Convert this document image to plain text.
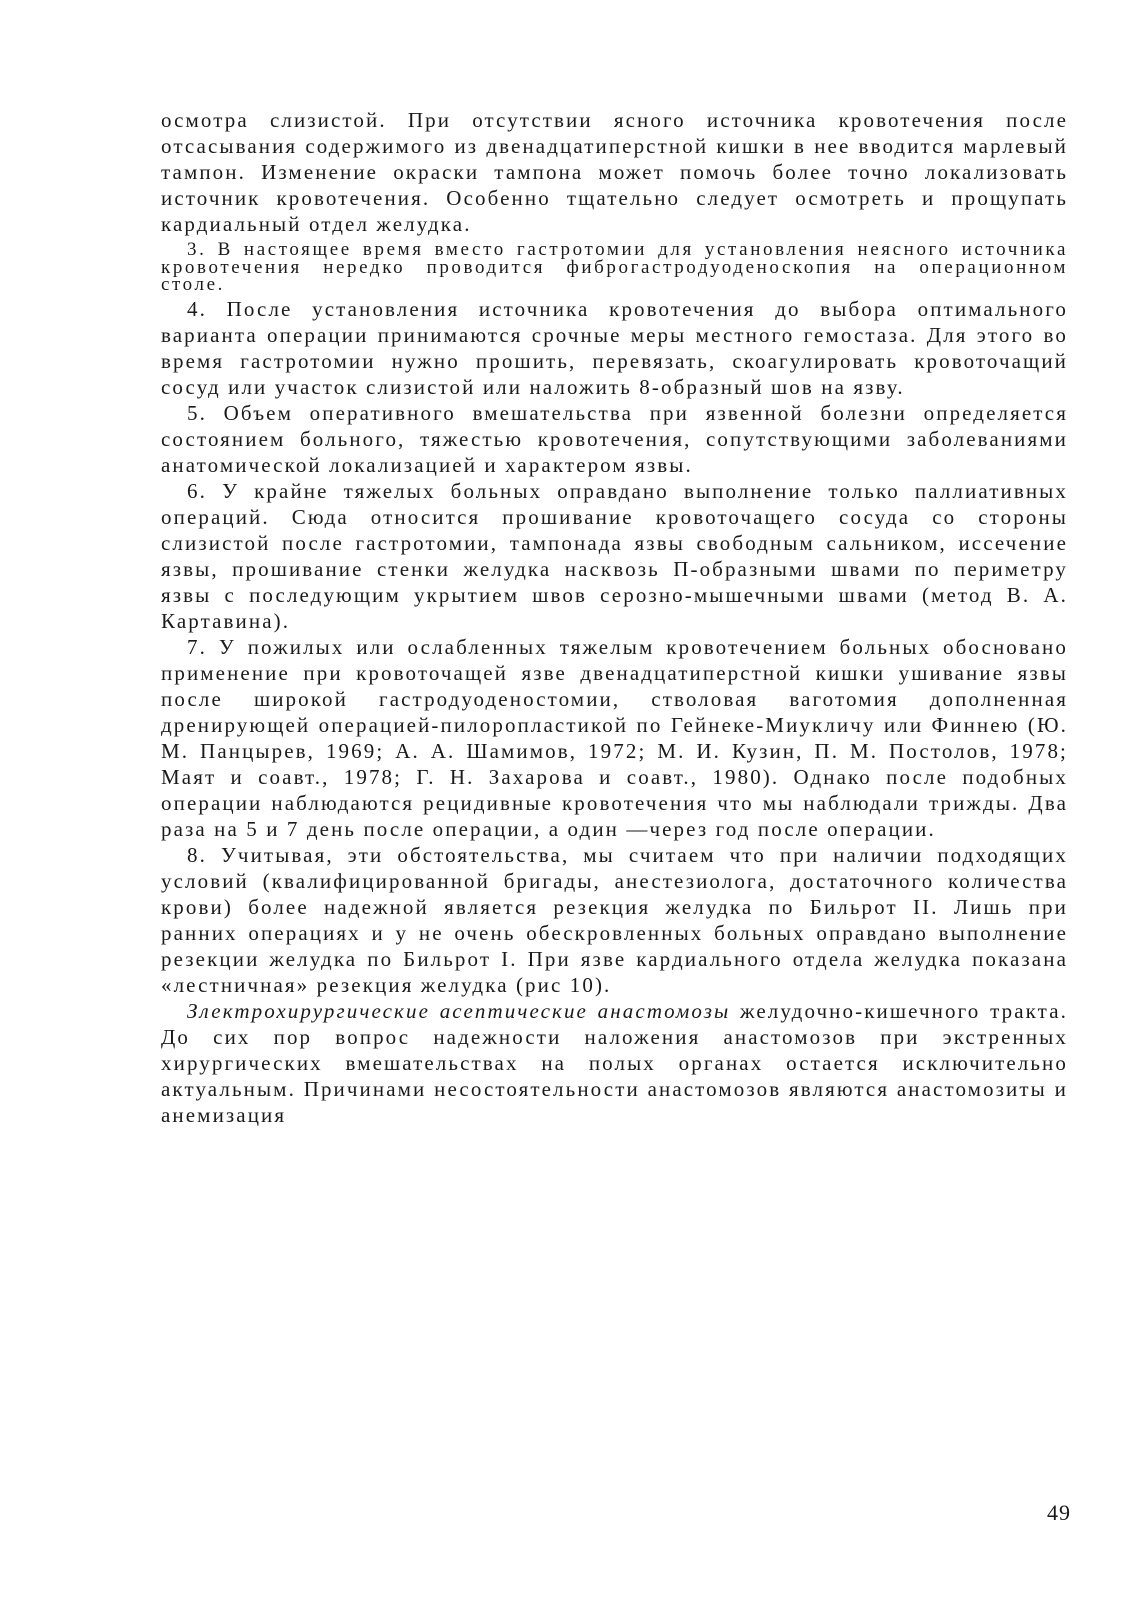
осмотра слизистой. При отсутствии ясного источника кровотечения после отсасывания содержимого из двенадцатиперстной кишки в нее вводится марлевый тампон. Изменение окраски тампона может помочь более точно локализовать источник кровотечения. Особенно тщательно следует осмотреть и прощупать кардиальный отдел желудка.

3. В настоящее время вместо гастротомии для установления неясного источника кровотечения нередко проводится фиброгастродуоденоскопия на операционном столе.

4. После установления источника кровотечения до выбора оптимального варианта операции принимаются срочные меры местного гемостаза. Для этого во время гастротомии нужно прошить, перевязать, скоагулировать кровоточащий сосуд или участок слизистой или наложить 8-образный шов на язву.

5. Объем оперативного вмешательства при язвенной болезни определяется состоянием больного, тяжестью кровотечения, сопутствующими заболеваниями анатомической локализацией и характером язвы.

6. У крайне тяжелых больных оправдано выполнение только паллиативных операций. Сюда относится прошивание кровоточащего сосуда со стороны слизистой после гастротомии, тампонада язвы свободным сальником, иссечение язвы, прошивание стенки желудка насквозь П-образными швами по периметру язвы с последующим укрытием швов серозно-мышечными швами (метод В. А. Картавина).

7. У пожилых или ослабленных тяжелым кровотечением больных обосновано применение при кровоточащей язве двенадцатиперстной кишки ушивание язвы после широкой гастродуоденостомии, стволовая ваготомия дополненная дренирующей операцией-пилоропластикой по Гейнеке-Миукличу или Финнею (Ю. М. Панцырев, 1969; А. А. Шамимов, 1972; М. И. Кузин, П. М. Постолов, 1978; Маят и соавт., 1978; Г. Н. Захарова и соавт., 1980). Однако после подобных операции наблюдаются рецидивные кровотечения что мы наблюдали трижды. Два раза на 5 и 7 день после операции, а один —через год после операции.

8. Учитывая, эти обстоятельства, мы считаем что при наличии подходящих условий (квалифицированной бригады, анестезиолога, достаточного количества крови) более надежной является резекция желудка по Бильрот II. Лишь при ранних операциях и у не очень обескровленных больных оправдано выполнение резекции желудка по Бильрот I. При язве кардиального отдела желудка показана «лестничная» резекция желудка (рис 10).

Злектрохирургические асептические анастомозы желудочно-кишечного тракта. До сих пор вопрос надежности наложения анастомозов при экстренных хирургических вмешательствах на полых органах остается исключительно актуальным. Причинами несостоятельности анастомозов являются анастомозиты и анемизация

49
